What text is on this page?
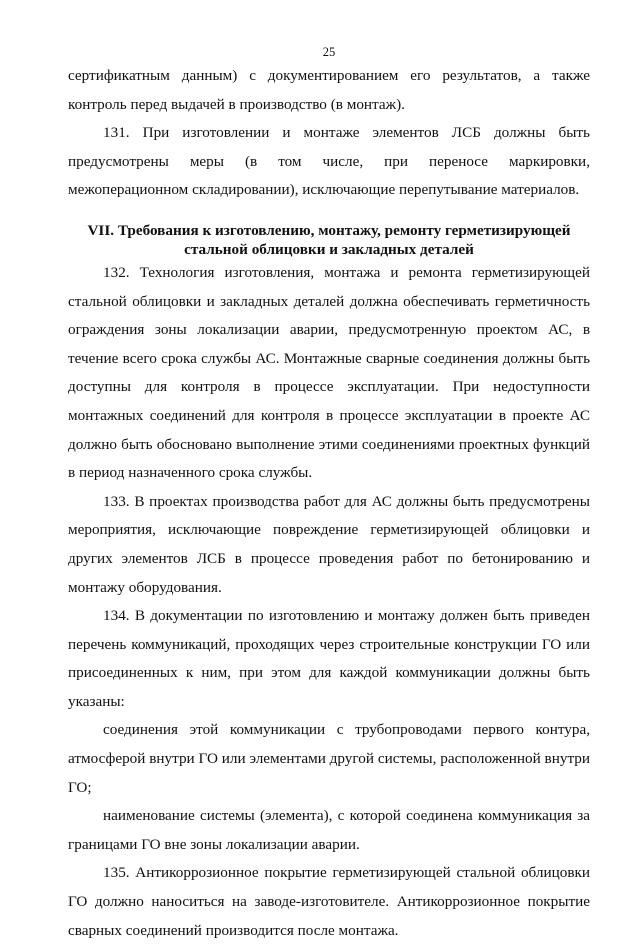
25

сертификатным данным) с документированием его результатов, а также контроль перед выдачей в производство (в монтаж).

131. При изготовлении и монтаже элементов ЛСБ должны быть предусмотрены меры (в том числе, при переносе маркировки, межоперационном складировании), исключающие перепутывание материалов.

VII. Требования к изготовлению, монтажу, ремонту герметизирующей
стальной облицовки и закладных деталей

132. Технология изготовления, монтажа и ремонта герметизирующей стальной облицовки и закладных деталей должна обеспечивать герметичность ограждения зоны локализации аварии, предусмотренную проектом АС, в течение всего срока службы АС. Монтажные сварные соединения должны быть доступны для контроля в процессе эксплуатации. При недоступности монтажных соединений для контроля в процессе эксплуатации в проекте АС должно быть обосновано выполнение этими соединениями проектных функций в период назначенного срока службы.

133. В проектах производства работ для АС должны быть предусмотрены мероприятия, исключающие повреждение герметизирующей облицовки и других элементов ЛСБ в процессе проведения работ по бетонированию и монтажу оборудования.

134. В документации по изготовлению и монтажу должен быть приведен перечень коммуникаций, проходящих через строительные конструкции ГО или присоединенных к ним, при этом для каждой коммуникации должны быть указаны:

соединения этой коммуникации с трубопроводами первого контура, атмосферой внутри ГО или элементами другой системы, расположенной внутри ГО;

наименование системы (элемента), с которой соединена коммуникация за границами ГО вне зоны локализации аварии.

135. Антикоррозионное покрытие герметизирующей стальной облицовки ГО должно наноситься на заводе-изготовителе. Антикоррозионное покрытие сварных соединений производится после монтажа.
